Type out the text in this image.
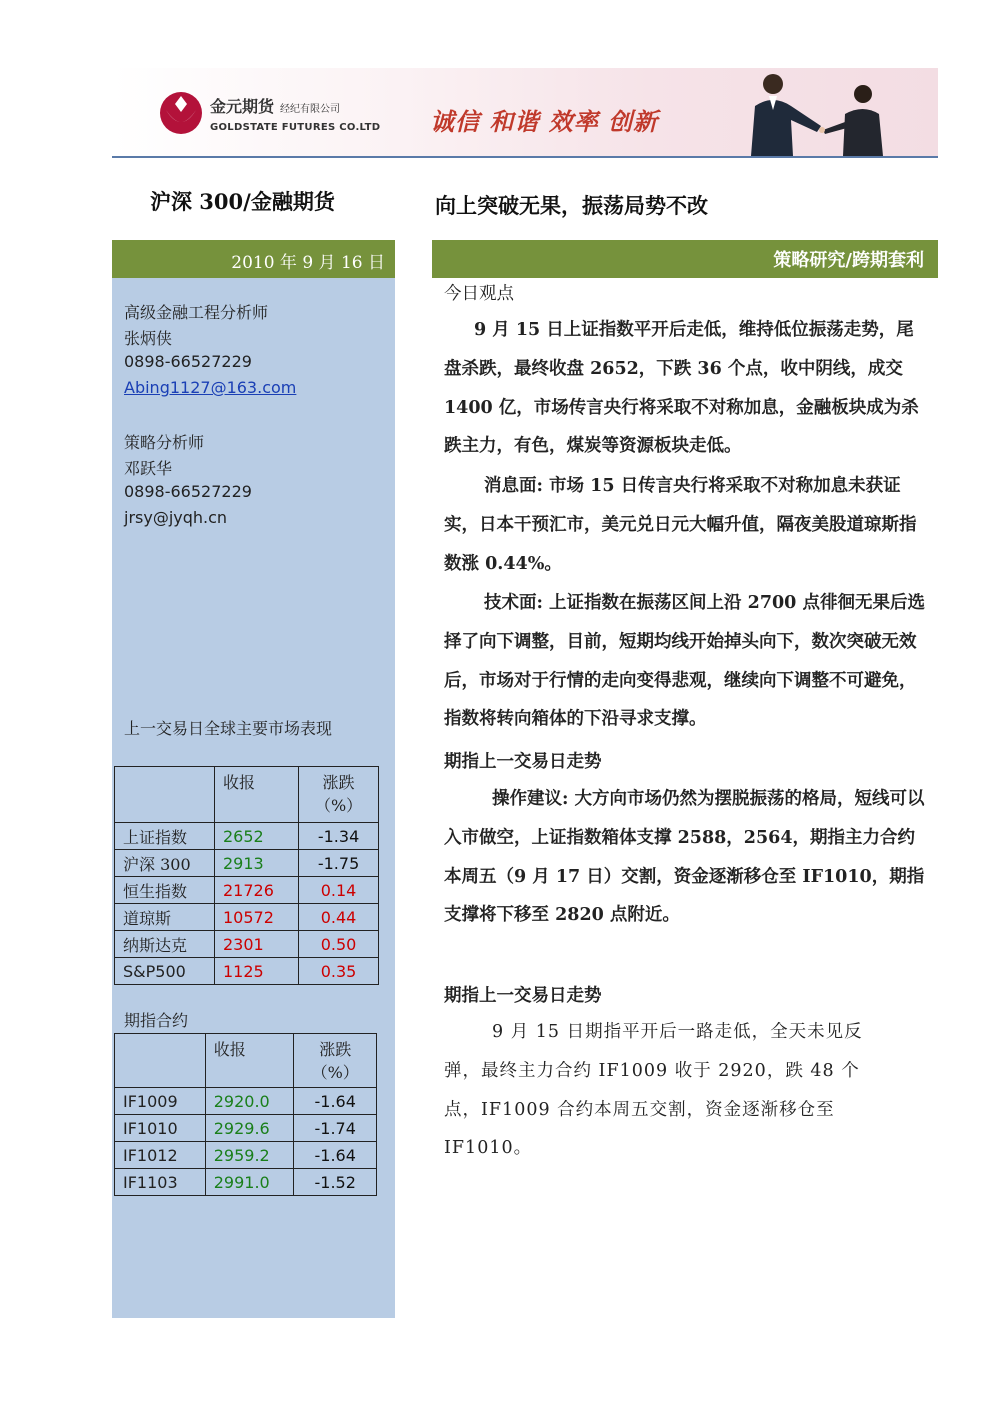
金元期货 经纪有限公司
GOLDSTATE FUTURES CO.LTD 诚信 和谐 效率 创新
沪深 300/金融期货	向上突破无果，振荡局势不改
2010 年 9 月 16 日	策略研究/跨期套利
高级金融工程分析师
张炳侠
0898-66527229
Abing1127@163.com
策略分析师
邓跃华
0898-66527229
jrsy@jyqh.cn
上一交易日全球主要市场表现
	收报	涨跌
（%）

上证指数	2652	-1.34
沪深 300	2913	-1.75
恒生指数	21726	0.14
道琼斯	10572	0.44
纳斯达克	2301	0.50
S&P500	1125	0.35
期指合约
	收报	涨跌
（%）

IF1009	2920.0	-1.64
IF1010	2929.6	-1.74
IF1012	2959.2	-1.64
IF1103	2991.0	-1.52
今日观点
9 月 15 日上证指数平开后走低，维持低位振荡走势，尾盘杀跌，最终收盘 2652，下跌 36 个点，收中阴线，成交 1400 亿，市场传言央行将采取不对称加息，金融板块成为杀跌主力，有色，煤炭等资源板块走低。
消息面: 市场 15 日传言央行将采取不对称加息未获证实，日本干预汇市，美元兑日元大幅升值，隔夜美股道琼斯指数涨 0.44%。
技术面: 上证指数在振荡区间上沿 2700 点徘徊无果后选择了向下调整，目前，短期均线开始掉头向下，数次突破无效后，市场对于行情的走向变得悲观，继续向下调整不可避免，指数将转向箱体的下沿寻求支撑。
期指上一交易日走势
操作建议: 大方向市场仍然为摆脱振荡的格局，短线可以入市做空，上证指数箱体支撑 2588，2564，期指主力合约本周五（9 月 17 日）交割，资金逐渐移仓至 IF1010，期指支撑将下移至 2820 点附近。
期指上一交易日走势
9 月 15 日期指平开后一路走低，全天未见反弹，最终主力合约 IF1009 收于 2920，跌 48 个点，IF1009 合约本周五交割，资金逐渐移仓至 IF1010。
